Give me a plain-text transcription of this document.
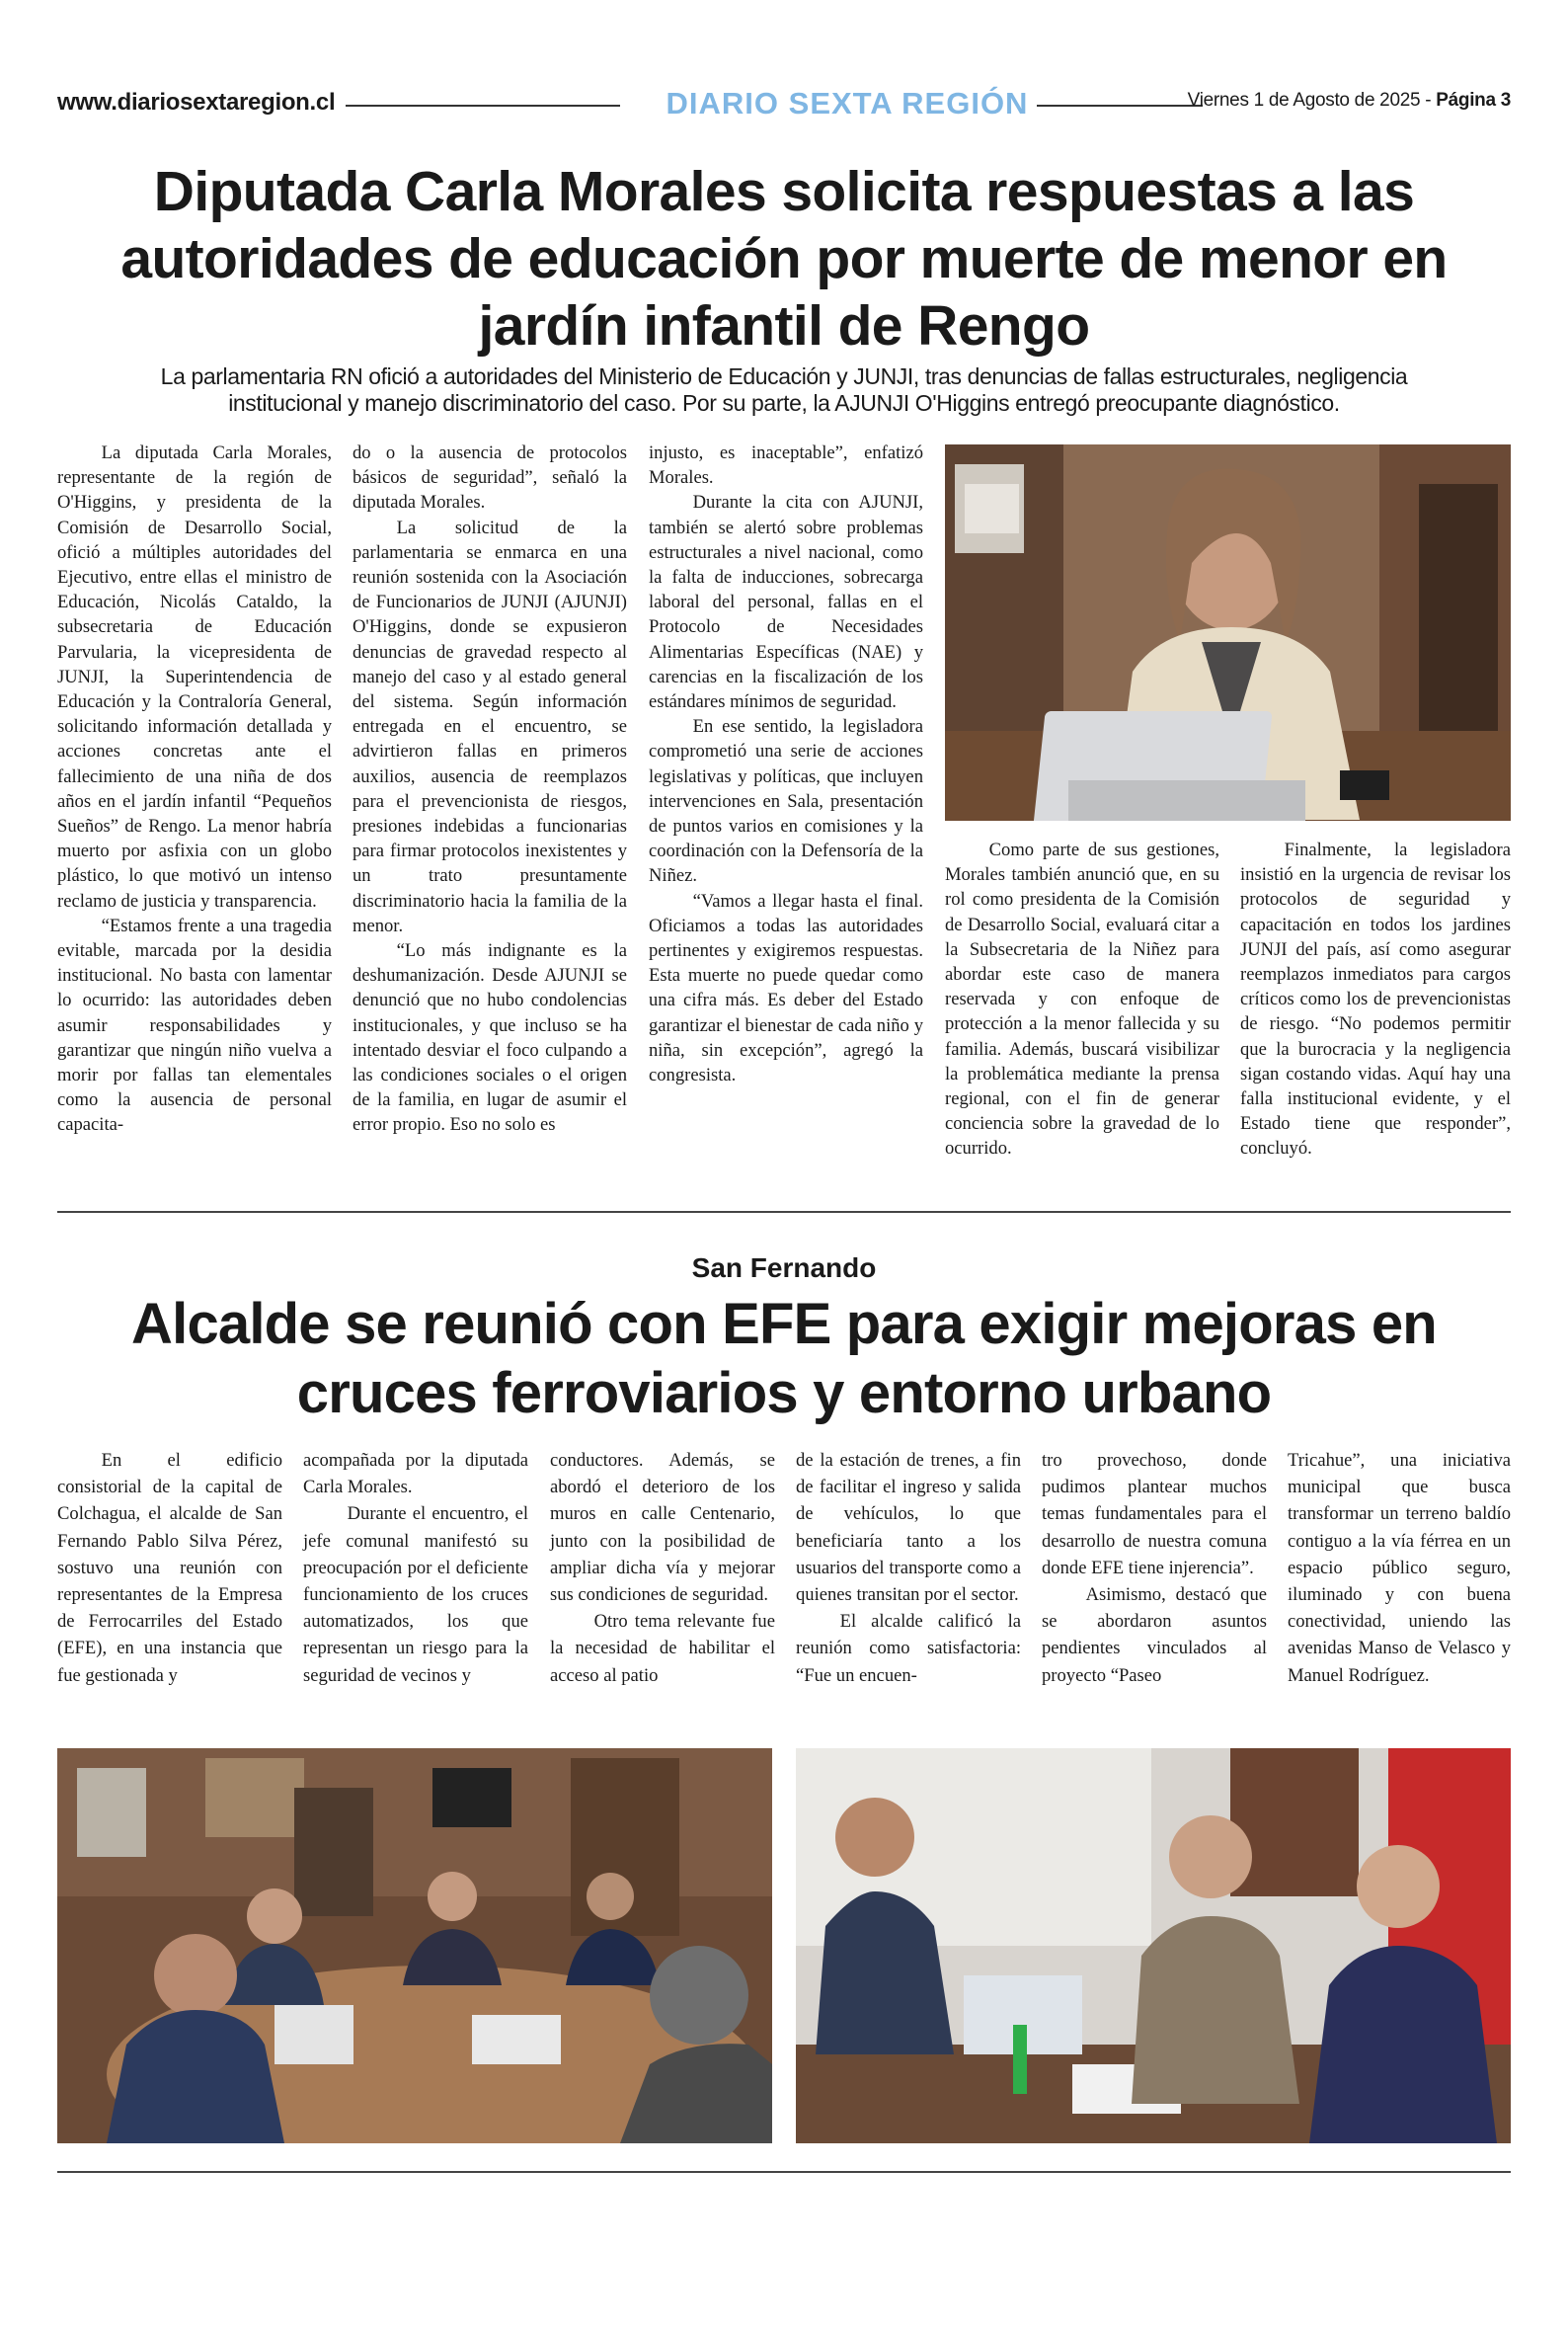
www.diariosextaregion.cl	DIARIO SEXTA REGIÓN	Viernes 1 de Agosto de 2025 - Página 3
Diputada Carla Morales solicita respuestas a las autoridades de educación por muerte de menor en jardín infantil de Rengo

La parlamentaria RN ofició a autoridades del Ministerio de Educación y JUNJI, tras denuncias de fallas estructurales, negligencia institucional y manejo discriminatorio del caso. Por su parte, la AJUNJI O'Higgins entregó preocupante diagnóstico.

La diputada Carla Morales, representante de la región de O'Higgins, y presidenta de la Comisión de Desarrollo Social, ofició a múltiples autoridades del Ejecutivo, entre ellas el ministro de Educación, Nicolás Cataldo, la subsecretaria de Educación Parvularia, la vicepresidenta de JUNJI, la Superintendencia de Educación y la Contraloría General, solicitando información detallada y acciones concretas ante el fallecimiento de una niña de dos años en el jardín infantil “Pequeños Sueños” de Rengo. La menor habría muerto por asfixia con un globo plástico, lo que motivó un intenso reclamo de justicia y transparencia.

“Estamos frente a una tragedia evitable, marcada por la desidia institucional. No basta con lamentar lo ocurrido: las autoridades deben asumir responsabilidades y garantizar que ningún niño vuelva a morir por fallas tan elementales como la ausencia de personal capacita-

do o la ausencia de protocolos básicos de seguridad”, señaló la diputada Morales.

La solicitud de la parlamentaria se enmarca en una reunión sostenida con la Asociación de Funcionarios de JUNJI (AJUNJI) O'Higgins, donde se expusieron denuncias de gravedad respecto al manejo del caso y al estado general del sistema. Según información entregada en el encuentro, se advirtieron fallas en primeros auxilios, ausencia de reemplazos para el prevencionista de riesgos, presiones indebidas a funcionarias para firmar protocolos inexistentes y un trato presuntamente discriminatorio hacia la familia de la menor.

“Lo más indignante es la deshumanización. Desde AJUNJI se denunció que no hubo condolencias institucionales, y que incluso se ha intentado desviar el foco culpando a las condiciones sociales o el origen de la familia, en lugar de asumir el error propio. Eso no solo es

injusto, es inaceptable”, enfatizó Morales.

Durante la cita con AJUNJI, también se alertó sobre problemas estructurales a nivel nacional, como la falta de inducciones, sobrecarga laboral del personal, fallas en el Protocolo de Necesidades Alimentarias Específicas (NAE) y carencias en la fiscalización de los estándares mínimos de seguridad.

En ese sentido, la legisladora comprometió una serie de acciones legislativas y políticas, que incluyen intervenciones en Sala, presentación de puntos varios en comisiones y la coordinación con la Defensoría de la Niñez.

“Vamos a llegar hasta el final. Oficiamos a todas las autoridades pertinentes y exigiremos respuestas. Esta muerte no puede quedar como una cifra más. Es deber del Estado garantizar el bienestar de cada niño y niña, sin excepción”, agregó la congresista.

Como parte de sus gestiones, Morales también anunció que, en su rol como presidenta de la Comisión de Desarrollo Social, evaluará citar a la Subsecretaria de la Niñez para abordar este caso de manera reservada y con enfoque de protección a la menor fallecida y su familia. Además, buscará visibilizar la problemática mediante la prensa regional, con el fin de generar conciencia sobre la gravedad de lo ocurrido.

Finalmente, la legisladora insistió en la urgencia de revisar los protocolos de seguridad y capacitación en todos los jardines JUNJI del país, así como asegurar reemplazos inmediatos para cargos críticos como los de prevencionistas de riesgo. “No podemos permitir que la burocracia y la negligencia sigan costando vidas. Aquí hay una falla institucional evidente, y el Estado tiene que responder”, concluyó.

San Fernando

Alcalde se reunió con EFE para exigir mejoras en cruces ferroviarios y entorno urbano

En el edificio consistorial de la capital de Colchagua, el alcalde de San Fernando Pablo Silva Pérez, sostuvo una reunión con representantes de la Empresa de Ferrocarriles del Estado (EFE), en una instancia que fue gestionada y

acompañada por la diputada Carla Morales.

Durante el encuentro, el jefe comunal manifestó su preocupación por el deficiente funcionamiento de los cruces automatizados, los que representan un riesgo para la seguridad de vecinos y

conductores. Además, se abordó el deterioro de los muros en calle Centenario, junto con la posibilidad de ampliar dicha vía y mejorar sus condiciones de seguridad.

Otro tema relevante fue la necesidad de habilitar el acceso al patio

de la estación de trenes, a fin de facilitar el ingreso y salida de vehículos, lo que beneficiaría tanto a los usuarios del transporte como a quienes transitan por el sector.

El alcalde calificó la reunión como satisfactoria: “Fue un encuen-

tro provechoso, donde pudimos plantear muchos temas fundamentales para el desarrollo de nuestra comuna donde EFE tiene injerencia”.

Asimismo, destacó que se abordaron asuntos pendientes vinculados al proyecto “Paseo

Tricahue”, una iniciativa municipal que busca transformar un terreno baldío contiguo a la vía férrea en un espacio público seguro, iluminado y con buena conectividad, uniendo las avenidas Manso de Velasco y Manuel Rodríguez.
